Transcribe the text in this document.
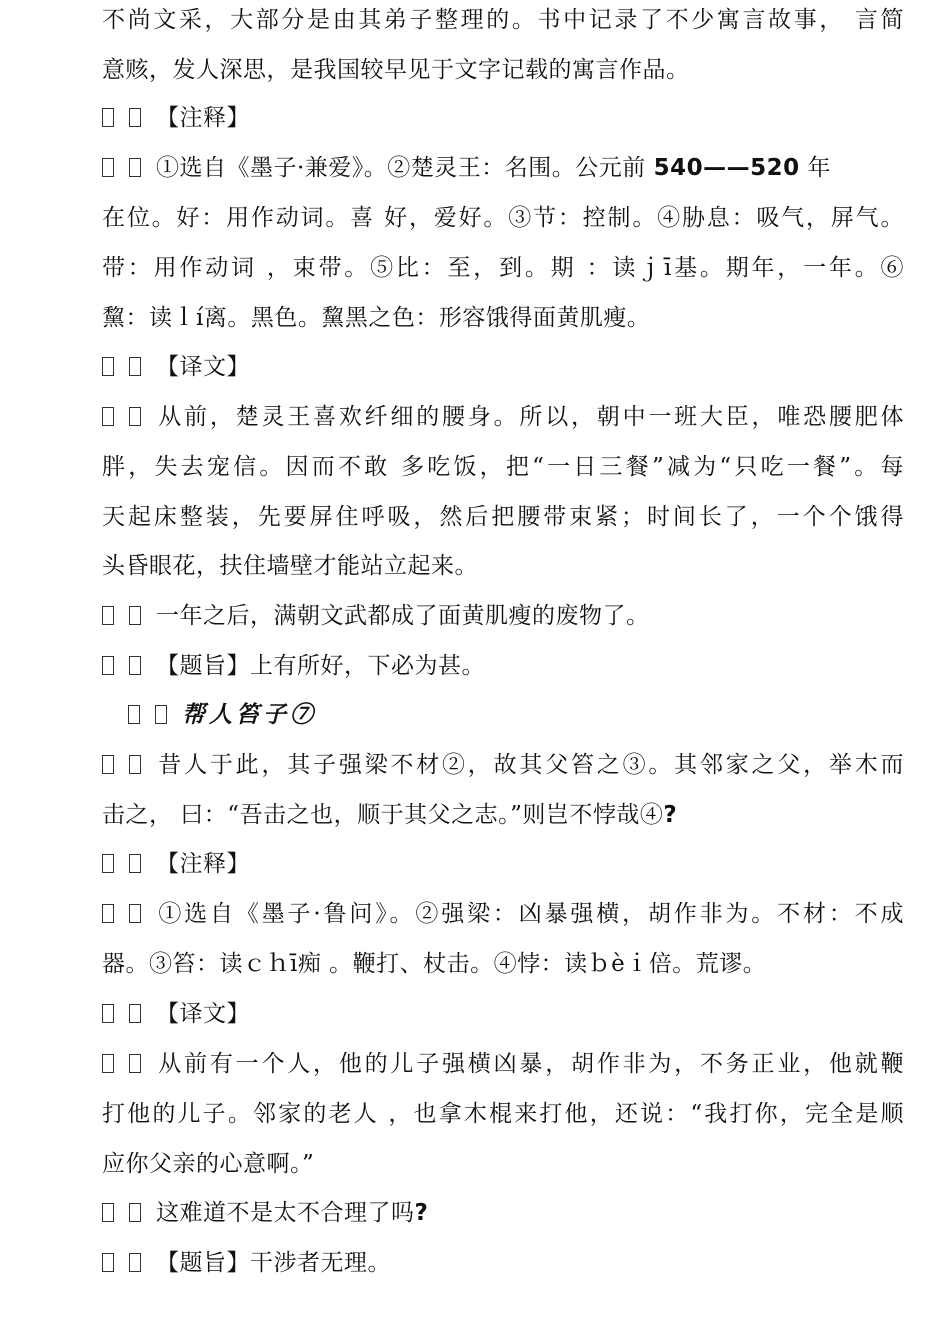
不尚文采，大部分是由其弟子整理的。书中记录了不少寓言故事， 言简
意赅，发人深思，是我国较早见于文字记载的寓言作品。
【注释】
①选自《墨子·兼爱》。②楚灵王：名围。公元前 540——520 年
在位。好：用作动词。喜 好，爱好。③节：控制。④胁息：吸气，屏气。
带：用作动词 ，束带。⑤比：至，到。期 ：读ｊī基。期年，一年。⑥
黧：读ｌí离。黑色。黧黑之色：形容饿得面黄肌瘦。
【译文】
从前，楚灵王喜欢纤细的腰身。所以，朝中一班大臣，唯恐腰肥体
胖，失去宠信。因而不敢 多吃饭，把“一日三餐”减为“只吃一餐”。每
天起床整装，先要屏住呼吸，然后把腰带束紧；时间长了，一个个饿得
头昏眼花，扶住墙壁才能站立起来。
一年之后，满朝文武都成了面黄肌瘦的废物了。
【题旨】上有所好，下必为甚。
帮人笞子⑦
昔人于此，其子强梁不材②，故其父笞之③。其邻家之父，举木而
击之， 曰：“吾击之也，顺于其父之志。”则岂不悖哉④?
【注释】
①选自《墨子·鲁问》。②强梁：凶暴强横，胡作非为。不材：不成
器。③笞：读ｃｈī痴 。鞭打、杖击。④悖：读ｂèｉ倍。荒谬。
【译文】
从前有一个人，他的儿子强横凶暴，胡作非为，不务正业，他就鞭
打他的儿子。邻家的老人 ，也拿木棍来打他，还说：“我打你，完全是顺
应你父亲的心意啊。”
这难道不是太不合理了吗?
【题旨】干涉者无理。
